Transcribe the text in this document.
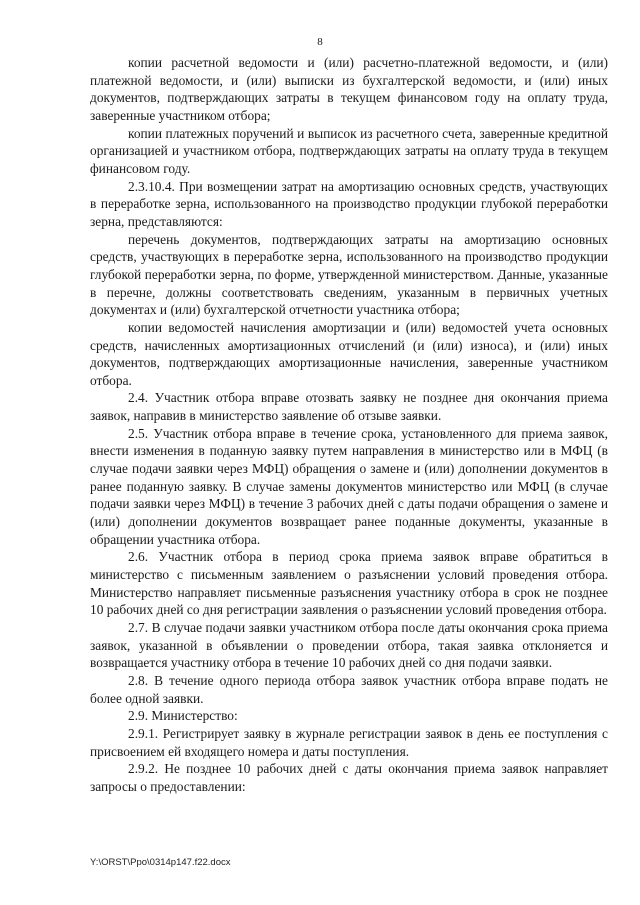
8

копии расчетной ведомости и (или) расчетно-платежной ведомости, и (или) платежной ведомости, и (или) выписки из бухгалтерской ведомости, и (или) иных документов, подтверждающих затраты в текущем финансовом году на оплату труда, заверенные участником отбора;

копии платежных поручений и выписок из расчетного счета, заверенные кредитной организацией и участником отбора, подтверждающих затраты на оплату труда в текущем финансовом году.

2.3.10.4. При возмещении затрат на амортизацию основных средств, участвующих в переработке зерна, использованного на производство продукции глубокой переработки зерна, представляются:

перечень документов, подтверждающих затраты на амортизацию основных средств, участвующих в переработке зерна, использованного на производство продукции глубокой переработки зерна, по форме, утвержденной министерством. Данные, указанные в перечне, должны соответствовать сведениям, указанным в первичных учетных документах и (или) бухгалтерской отчетности участника отбора;

копии ведомостей начисления амортизации и (или) ведомостей учета основных средств, начисленных амортизационных отчислений (и (или) износа), и (или) иных документов, подтверждающих амортизационные начисления, заверенные участником отбора.

2.4. Участник отбора вправе отозвать заявку не позднее дня окончания приема заявок, направив в министерство заявление об отзыве заявки.

2.5. Участник отбора вправе в течение срока, установленного для приема заявок, внести изменения в поданную заявку путем направления в министерство или в МФЦ (в случае подачи заявки через МФЦ) обращения о замене и (или) дополнении документов в ранее поданную заявку. В случае замены документов министерство или МФЦ (в случае подачи заявки через МФЦ) в течение 3 рабочих дней с даты подачи обращения о замене и (или) дополнении документов возвращает ранее поданные документы, указанные в обращении участника отбора.

2.6. Участник отбора в период срока приема заявок вправе обратиться в министерство с письменным заявлением о разъяснении условий проведения отбора. Министерство направляет письменные разъяснения участнику отбора в срок не позднее 10 рабочих дней со дня регистрации заявления о разъяснении условий проведения отбора.

2.7. В случае подачи заявки участником отбора после даты окончания срока приема заявок, указанной в объявлении о проведении отбора, такая заявка отклоняется и возвращается участнику отбора в течение 10 рабочих дней со дня подачи заявки.

2.8. В течение одного периода отбора заявок участник отбора вправе подать не более одной заявки.

2.9. Министерство:

2.9.1. Регистрирует заявку в журнале регистрации заявок в день ее поступления с присвоением ей входящего номера и даты поступления.

2.9.2. Не позднее 10 рабочих дней с даты окончания приема заявок направляет запросы о предоставлении:

Y:\ORST\Ppo\0314p147.f22.docx
